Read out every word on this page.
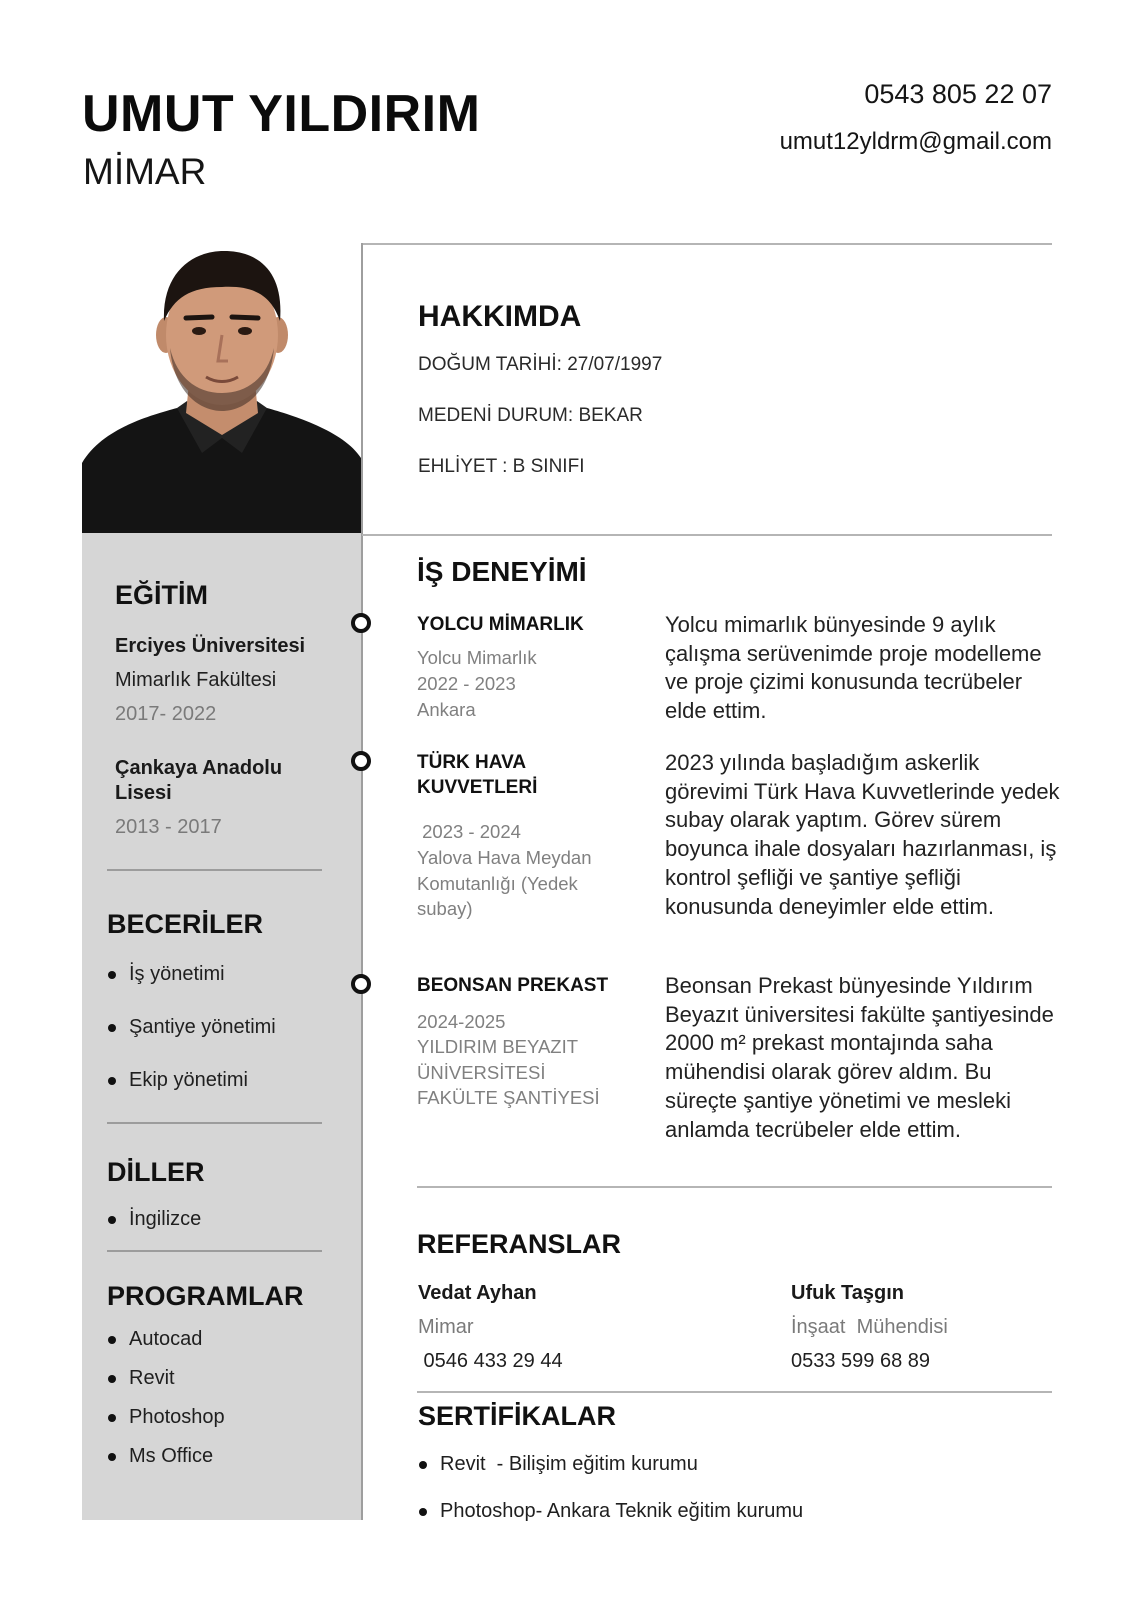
UMUT YILDIRIM
MİMAR
0543 805 22 07
umut12yldrm@gmail.com
EĞİTİM
Erciyes Üniversitesi
Mimarlık Fakültesi
2017- 2022
Çankaya Anadolu Lisesi
2013 - 2017
BECERİLER
İş yönetimi
Şantiye yönetimi
Ekip yönetimi
DİLLER
İngilizce
PROGRAMLAR
Autocad
Revit
Photoshop
Ms Office
HAKKIMDA
DOĞUM TARİHİ: 27/07/1997
MEDENİ DURUM: BEKAR
EHLİYET : B SINIFI
İŞ DENEYİMİ
YOLCU MİMARLIK
Yolcu Mimarlık
2022 - 2023
Ankara
Yolcu mimarlık bünyesinde 9 aylık çalışma serüvenimde proje modelleme ve proje çizimi konusunda tecrübeler elde ettim.
TÜRK HAVA KUVVETLERİ
2023 - 2024
Yalova Hava Meydan Komutanlığı (Yedek subay)
2023 yılında başladığım askerlik görevimi Türk Hava Kuvvetlerinde yedek subay olarak yaptım. Görev sürem boyunca ihale dosyaları hazırlanması, iş kontrol şefliği ve şantiye şefliği konusunda deneyimler elde ettim.
BEONSAN PREKAST
2024-2025
YILDIRIM BEYAZIT ÜNİVERSİTESİ FAKÜLTE ŞANTİYESİ
Beonsan Prekast bünyesinde Yıldırım Beyazıt üniversitesi fakülte şantiyesinde 2000 m² prekast montajında saha mühendisi olarak görev aldım. Bu süreçte şantiye yönetimi ve mesleki anlamda tecrübeler elde ettim.
REFERANSLAR
Vedat Ayhan
Mimar
0546 433 29 44
Ufuk Taşgın
İnşaat  Mühendisi
0533 599 68 89
SERTİFİKALAR
Revit  - Bilişim eğitim kurumu
Photoshop- Ankara Teknik eğitim kurumu
